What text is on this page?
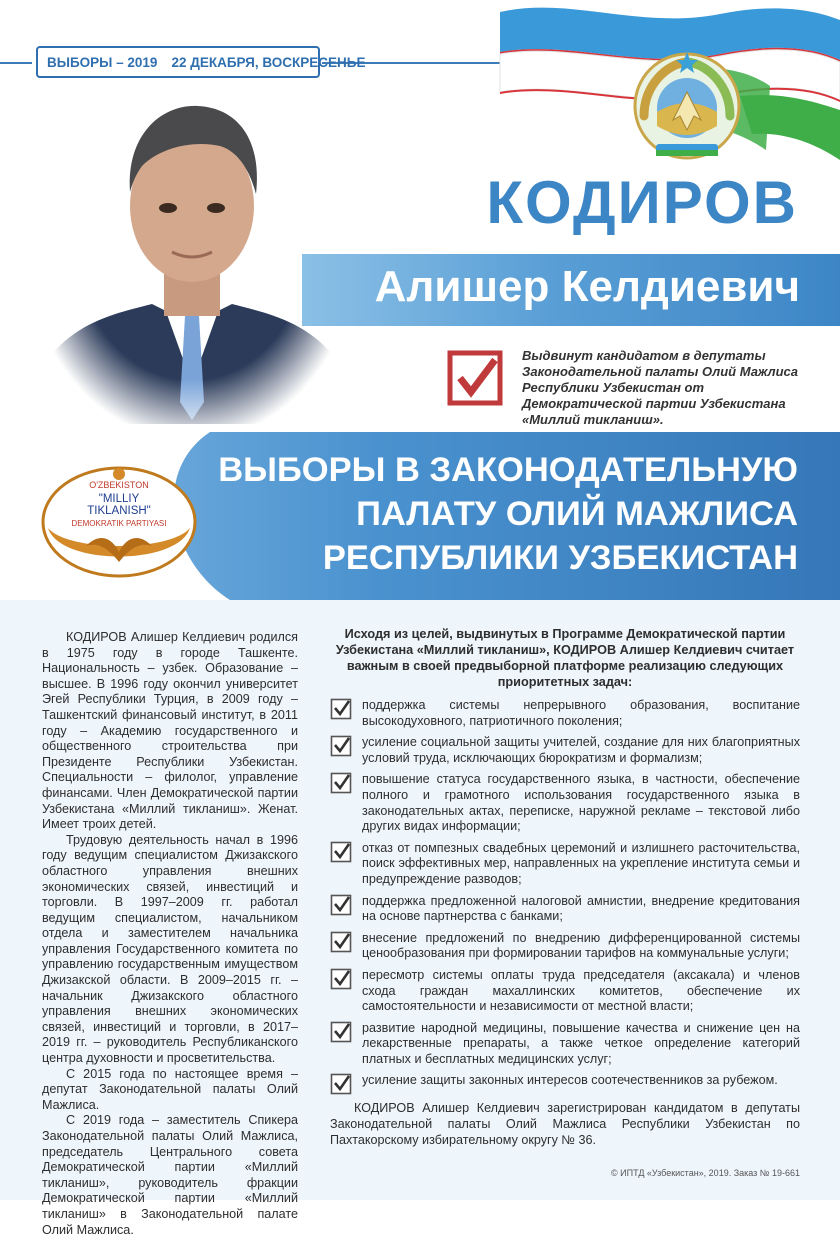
ВЫБОРЫ – 2019	22 ДЕКАБРЯ, ВОСКРЕСЕНЬЕ
КОДИРОВ
Алишер Келдиевич
Выдвинут кандидатом в депутаты Законодательной палаты Олий Мажлиса Республики Узбекистан от Демократической партии Узбекистана «Миллий тикланиш».
ВЫБОРЫ В ЗАКОНОДАТЕЛЬНУЮ
ПАЛАТУ ОЛИЙ МАЖЛИСА
РЕСПУБЛИКИ УЗБЕКИСТАН
O'ZBEKISTON
"MILLIY
TIKLANISH"
DEMOKRATIK PARTIYASI

КОДИРОВ Алишер Келдиевич родился в 1975 году в городе Ташкенте. Национальность – узбек. Образование – высшее. В 1996 году окончил университет Эгей Республики Турция, в 2009 году – Ташкентский финансовый институт, в 2011 году – Академию государственного и общественного строительства при Президенте Республики Узбекистан. Специальности – филолог, управление финансами. Член Демократической партии Узбекистана «Миллий тикланиш». Женат. Имеет троих детей.

Трудовую деятельность начал в 1996 году ведущим специалистом Джизакского областного управления внешних экономических связей, инвестиций и торговли. В 1997–2009 гг. работал ведущим специалистом, начальником отдела и заместителем начальника управления Государственного комитета по управлению государственным имуществом Джизакской области. В 2009–2015 гг. – начальник Джизакского областного управления внешних экономических связей, инвестиций и торговли, в 2017–2019 гг. – руководитель Республиканского центра духовности и просветительства.

С 2015 года по настоящее время – депутат Законодательной палаты Олий Мажлиса.

С 2019 года – заместитель Спикера Законодательной палаты Олий Мажлиса, председатель Центрального совета Демократической партии «Миллий тикланиш», руководитель фракции Демократической партии «Миллий тикланиш» в Законодательной палате Олий Мажлиса.

Исходя из целей, выдвинутых в Программе Демократической партии Узбекистана «Миллий тикланиш», КОДИРОВ Алишер Келдиевич считает важным в своей предвыборной платформе реализацию следующих приоритетных задач:
поддержка системы непрерывного образования, воспитание высокодуховного, патриотичного поколения;
усиление социальной защиты учителей, создание для них благоприятных условий труда, исключающих бюрократизм и формализм;
повышение статуса государственного языка, в частности, обеспечение полного и грамотного использования государственного языка в законодательных актах, переписке, наружной рекламе – текстовой либо других видах информации;
отказ от помпезных свадебных церемоний и излишнего расточительства, поиск эффективных мер, направленных на укрепление института семьи и предупреждение разводов;
поддержка предложенной налоговой амнистии, внедрение кредитования на основе партнерства с банками;
внесение предложений по внедрению дифференцированной системы ценообразования при формировании тарифов на коммунальные услуги;
пересмотр системы оплаты труда председателя (аксакала) и членов схода граждан махаллинских комитетов, обеспечение их самостоятельности и независимости от местной власти;
развитие народной медицины, повышение качества и снижение цен на лекарственные препараты, а также четкое определение категорий платных и бесплатных медицинских услуг;
усиление защиты законных интересов соотечественников за рубежом.
КОДИРОВ Алишер Келдиевич зарегистрирован кандидатом в депутаты Законодательной палаты Олий Мажлиса Республики Узбекистан по Пахтакорскому избирательному округу № 36.
© ИПТД «Узбекистан», 2019. Заказ № 19-661
